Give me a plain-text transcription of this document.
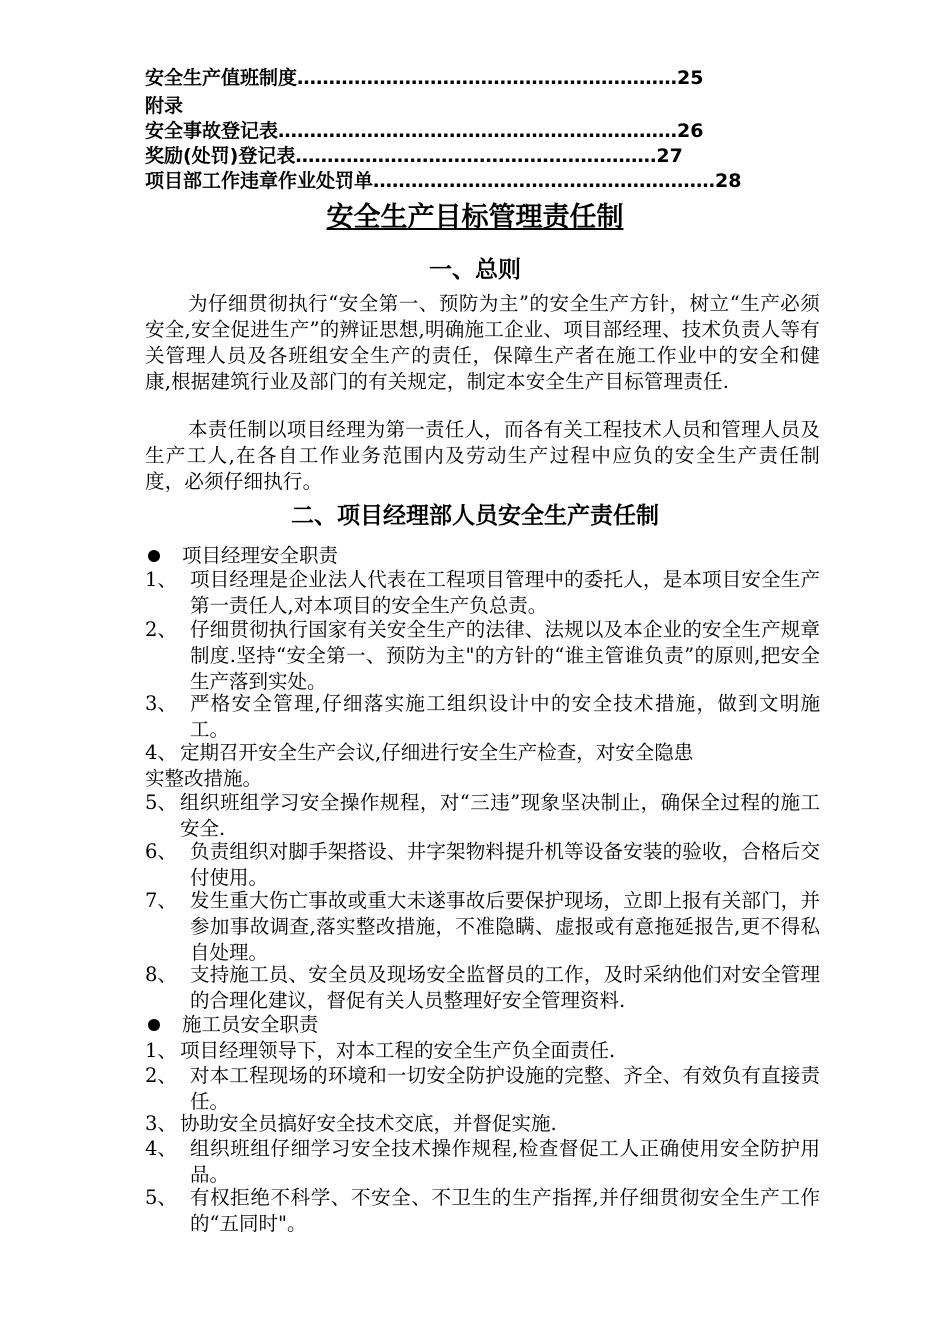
安全生产值班制度……………………………………………………25
附录
安全事故登记表………………………………………………………26
奖励(处罚)登记表…………………………………………………27
项目部工作违章作业处罚单………………………………………………28
安全生产目标管理责任制
一、总则

为仔细贯彻执行“安全第一、预防为主”的安全生产方针，树立“生产必须安全,安全促进生产”的辨证思想,明确施工企业、项目部经理、技术负责人等有关管理人员及各班组安全生产的责任，保障生产者在施工作业中的安全和健康,根据建筑行业及部门的有关规定，制定本安全生产目标管理责任.

本责任制以项目经理为第一责任人，而各有关工程技术人员和管理人员及生产工人,在各自工作业务范围内及劳动生产过程中应负的安全生产责任制度，必须仔细执行。

二、项目经理部人员安全生产责任制
项目经理安全职责
1、 项目经理是企业法人代表在工程项目管理中的委托人，是本项目安全生产第一责任人,对本项目的安全生产负总责。
2、 仔细贯彻执行国家有关安全生产的法律、法规以及本企业的安全生产规章制度.坚持“安全第一、预防为主"的方针的“谁主管谁负责”的原则,把安全生产落到实处。
3、 严格安全管理,仔细落实施工组织设计中的安全技术措施，做到文明施工。
4、 定期召开安全生产会议,仔细进行安全生产检查，对安全隐患
实整改措施。
5、 组织班组学习安全操作规程，对“三违”现象坚决制止，确保全过程的施工安全.
6、 负责组织对脚手架搭设、井字架物料提升机等设备安装的验收，合格后交付使用。
7、 发生重大伤亡事故或重大未遂事故后要保护现场，立即上报有关部门，并参加事故调查,落实整改措施，不准隐瞒、虚报或有意拖延报告,更不得私自处理。
8、 支持施工员、安全员及现场安全监督员的工作，及时采纳他们对安全管理的合理化建议，督促有关人员整理好安全管理资料.
施工员安全职责
1、 项目经理领导下，对本工程的安全生产负全面责任.
2、 对本工程现场的环境和一切安全防护设施的完整、齐全、有效负有直接责任。
3、 协助安全员搞好安全技术交底，并督促实施.
4、 组织班组仔细学习安全技术操作规程,检查督促工人正确使用安全防护用品。
5、 有权拒绝不科学、不安全、不卫生的生产指挥,并仔细贯彻安全生产工作的“五同时"。
